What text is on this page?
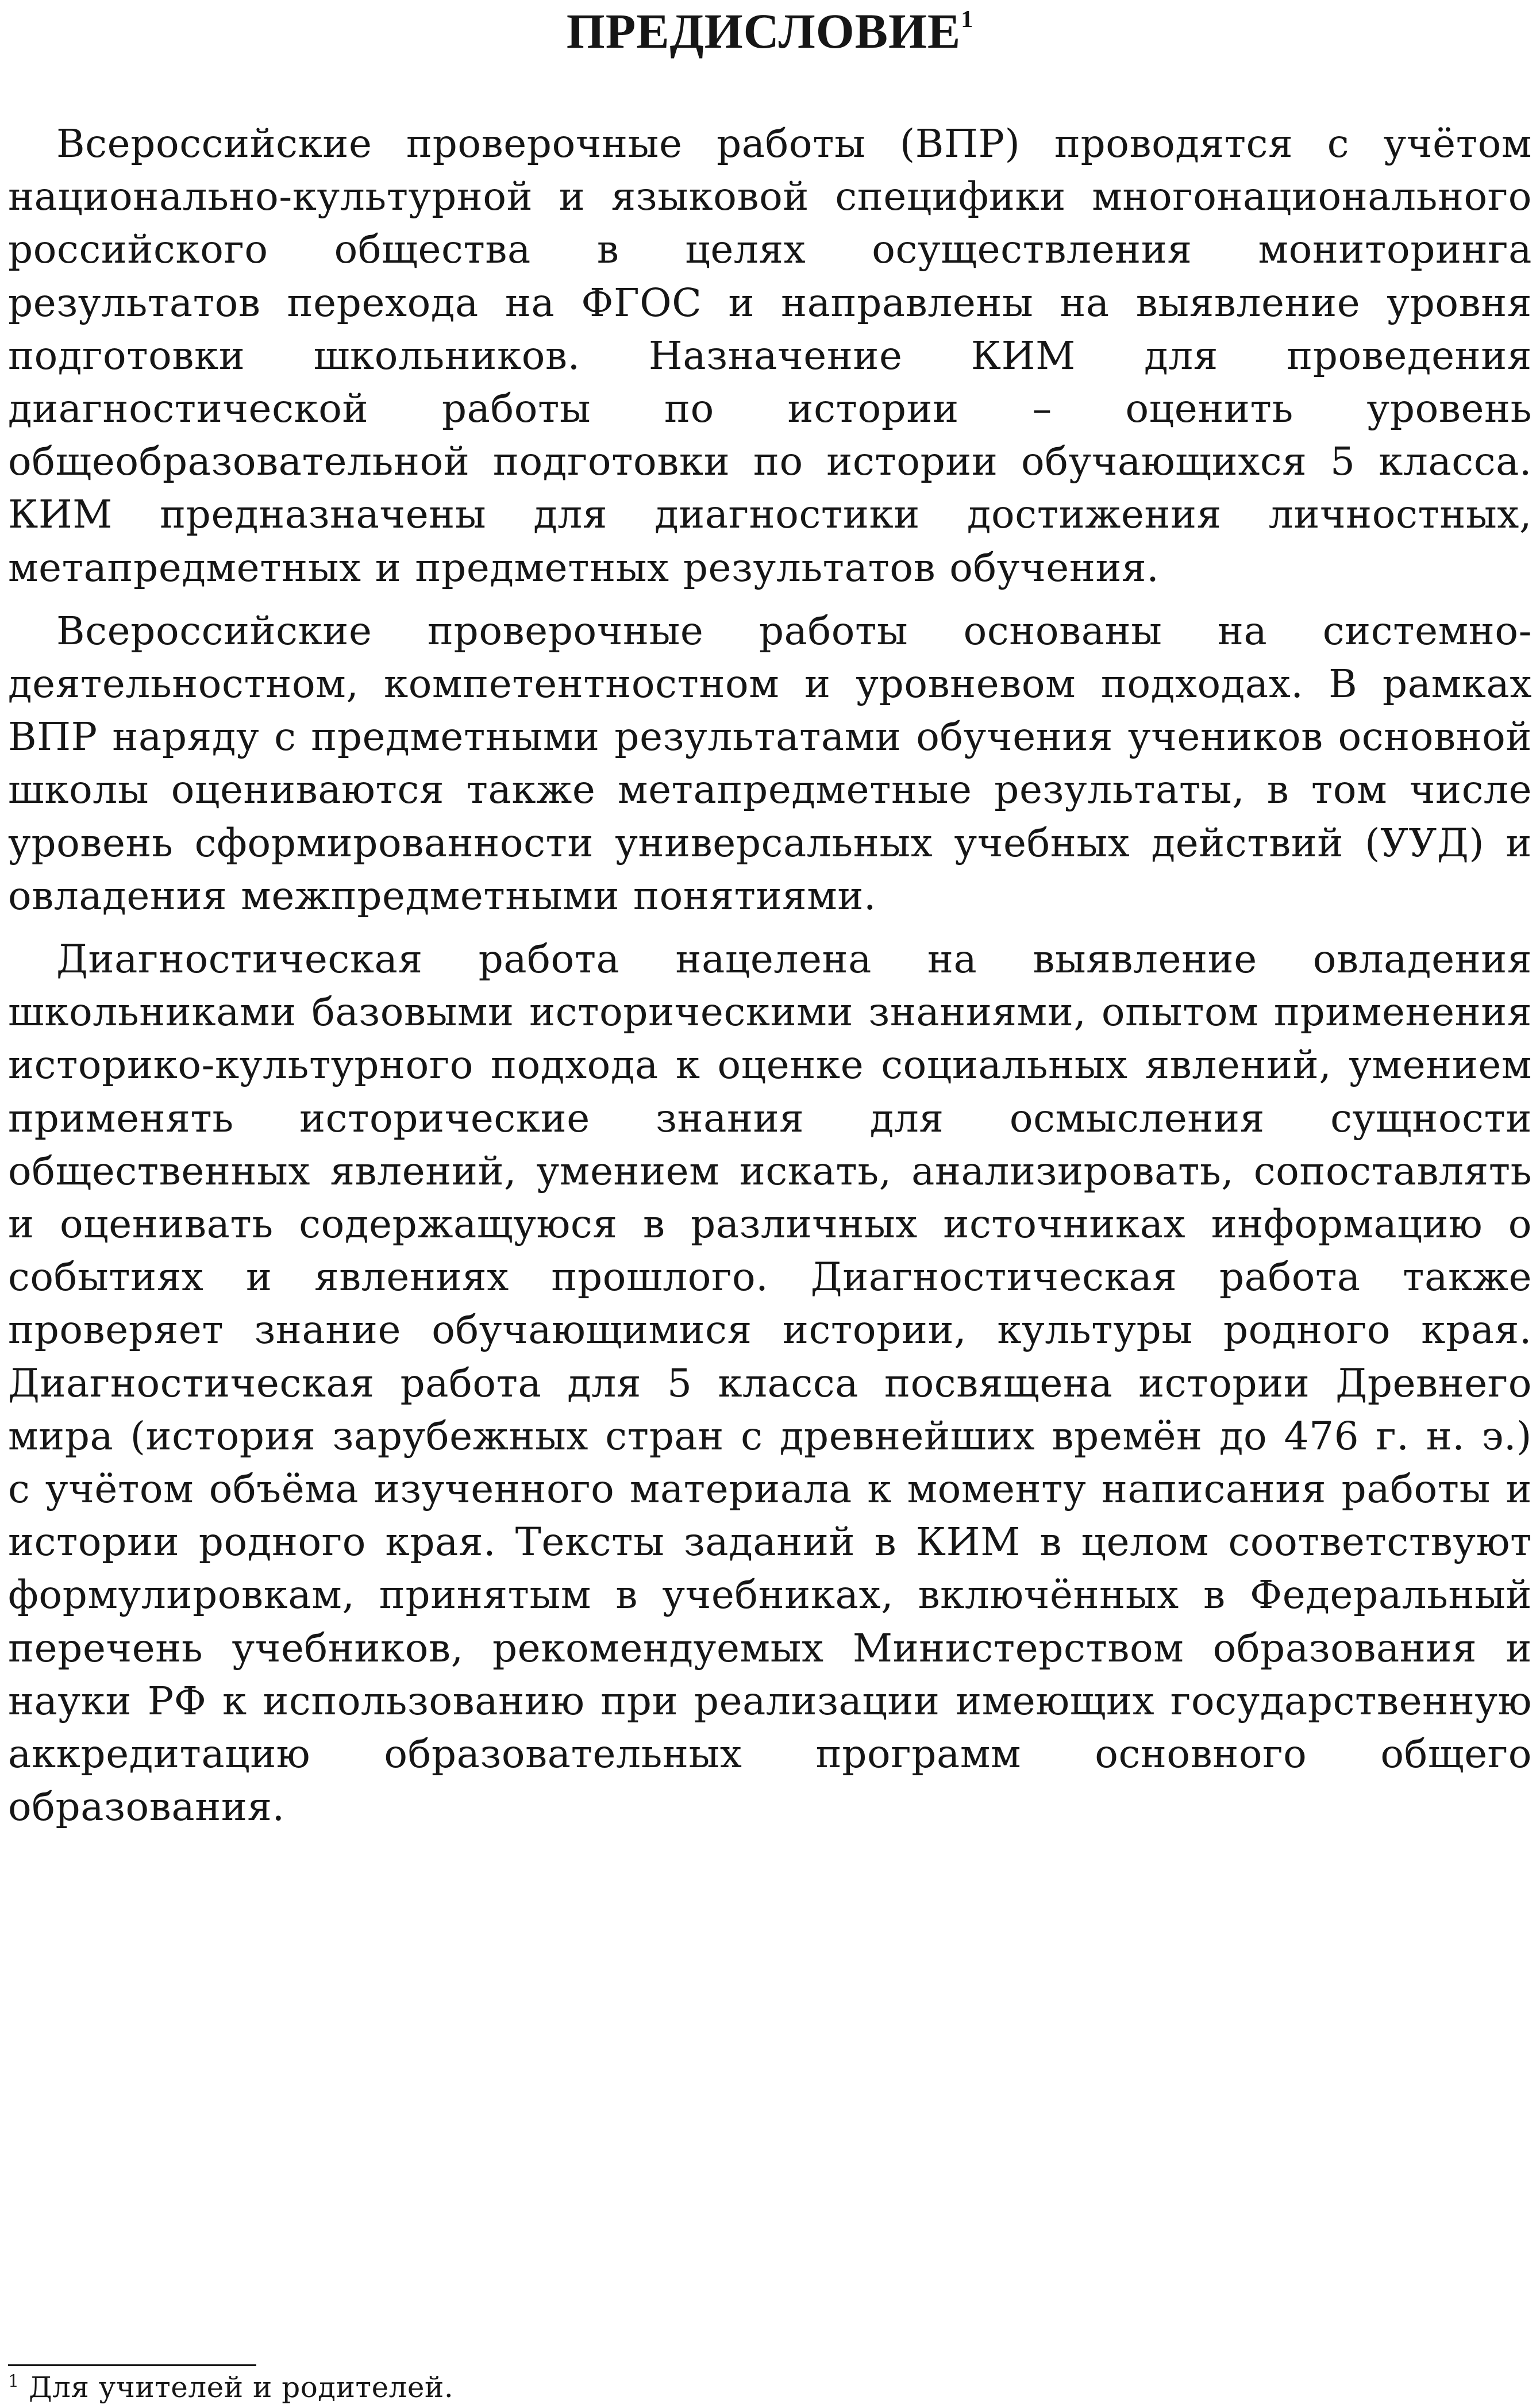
ПРЕДИСЛОВИЕ$^1$

Всероссийские проверочные работы (ВПР) проводятся с учётом национально-культурной и языковой специфики многонационального российского общества в целях осуществления мониторинга результатов перехода на ФГОС и направлены на выявление уровня подготовки школьников. Назначение КИМ для проведения диагностической работы по истории – оценить уровень общеобразовательной подготовки по истории обучающихся 5 класса. КИМ предназначены для диагностики достижения личностных, метапредметных и предметных результатов обучения.

Всероссийские проверочные работы основаны на системно-деятельностном, компетентностном и уровневом подходах. В рамках ВПР наряду с предметными результатами обучения учеников основной школы оцениваются также метапредметные результаты, в том числе уровень сформированности универсальных учебных действий (УУД) и овладения межпредметными понятиями.

Диагностическая работа нацелена на выявление овладения школьниками базовыми историческими знаниями, опытом применения историко-культурного подхода к оценке социальных явлений, умением применять исторические знания для осмысления сущности общественных явлений, умением искать, анализировать, сопоставлять и оценивать содержащуюся в различных источниках информацию о событиях и явлениях прошлого. Диагностическая работа также проверяет знание обучающимися истории, культуры родного края. Диагностическая работа для 5 класса посвящена истории Древнего мира (история зарубежных стран с древнейших времён до 476 г. н. э.) с учётом объёма изученного материала к моменту написания работы и истории родного края. Тексты заданий в КИМ в целом соответствуют формулировкам, принятым в учебниках, включённых в Федеральный перечень учебников, рекомендуемых Министерством образования и науки РФ к использованию при реализации имеющих государственную аккредитацию образовательных программ основного общего образования.

$^1$ Для учителей и родителей.
